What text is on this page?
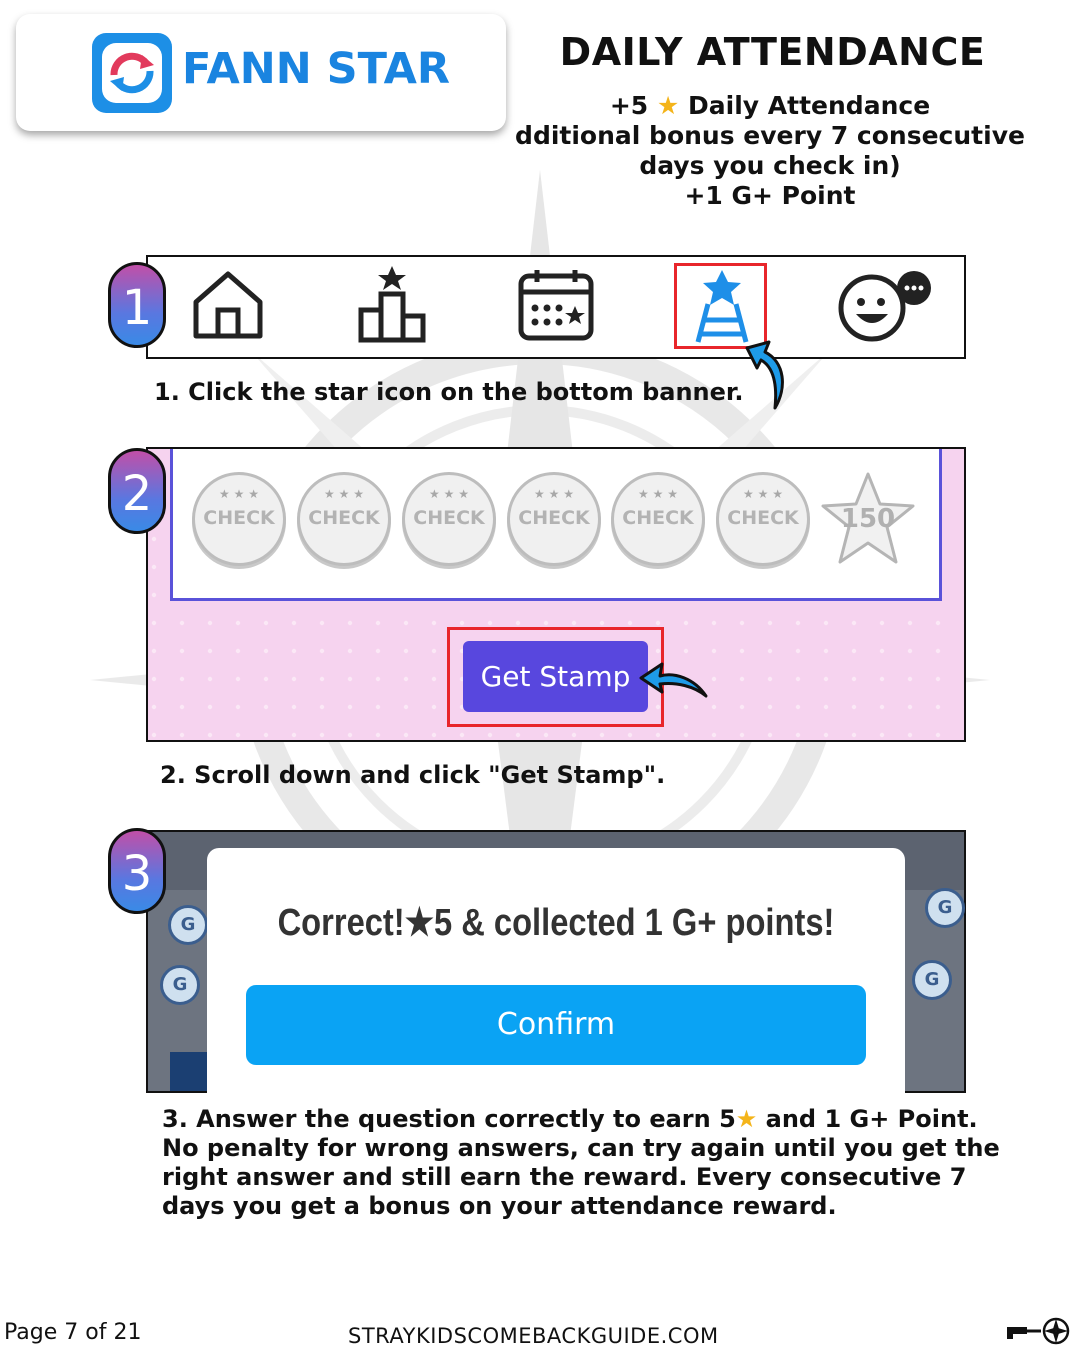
FANN STAR	DAILY ATTENDANCE
+5 ★ Daily Attendance
dditional bonus every 7 consecutive
days you check in)
+1 G+ Point
1
1. Click the star icon on the bottom banner.
★ ★ ★
CHECK
★ ★ ★
CHECK
★ ★ ★
CHECK
★ ★ ★
CHECK
★ ★ ★
CHECK
★ ★ ★
CHECK	150
Get Stamp
2
2. Scroll down and click "Get Stamp".
G
G	G
G
Correct!★5 & collected 1 G+ points!
Confirm
3
3. Answer the question correctly to earn 5★ and 1 G+ Point.
No penalty for wrong answers, can try again until you get the
right answer and still earn the reward. Every consecutive 7
days you get a bonus on your attendance reward.
Page 7 of 21	STRAYKIDSCOMEBACKGUIDE.COM
